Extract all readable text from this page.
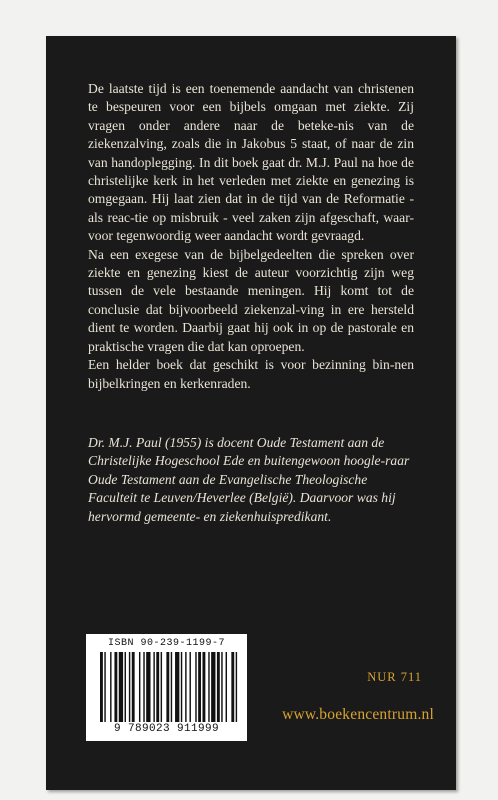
De laatste tijd is een toenemende aandacht van christenen te bespeuren voor een bijbels omgaan met ziekte. Zij vragen onder andere naar de beteke-nis van de ziekenzalving, zoals die in Jakobus 5 staat, of naar de zin van handoplegging. In dit boek gaat dr. M.J. Paul na hoe de christelijke kerk in het verleden met ziekte en genezing is omgegaan. Hij laat zien dat in de tijd van de Reformatie - als reac-tie op misbruik - veel zaken zijn afgeschaft, waar-voor tegenwoordig weer aandacht wordt gevraagd.

Na een exegese van de bijbelgedeelten die spreken over ziekte en genezing kiest de auteur voorzichtig zijn weg tussen de vele bestaande meningen. Hij komt tot de conclusie dat bijvoorbeeld ziekenzal-ving in ere hersteld dient te worden. Daarbij gaat hij ook in op de pastorale en praktische vragen die dat kan oproepen.

Een helder boek dat geschikt is voor bezinning bin-nen bijbelkringen en kerkenraden.

Dr. M.J. Paul (1955) is docent Oude Testament aan de Christelijke Hogeschool Ede en buitengewoon hoogle-raar Oude Testament aan de Evangelische Theologische Faculteit te Leuven/Heverlee (België). Daarvoor was hij hervormd gemeente- en ziekenhuispredikant.

ISBN 90-239-1199-7
9 789023 911999
NUR 711
www.boekencentrum.nl
